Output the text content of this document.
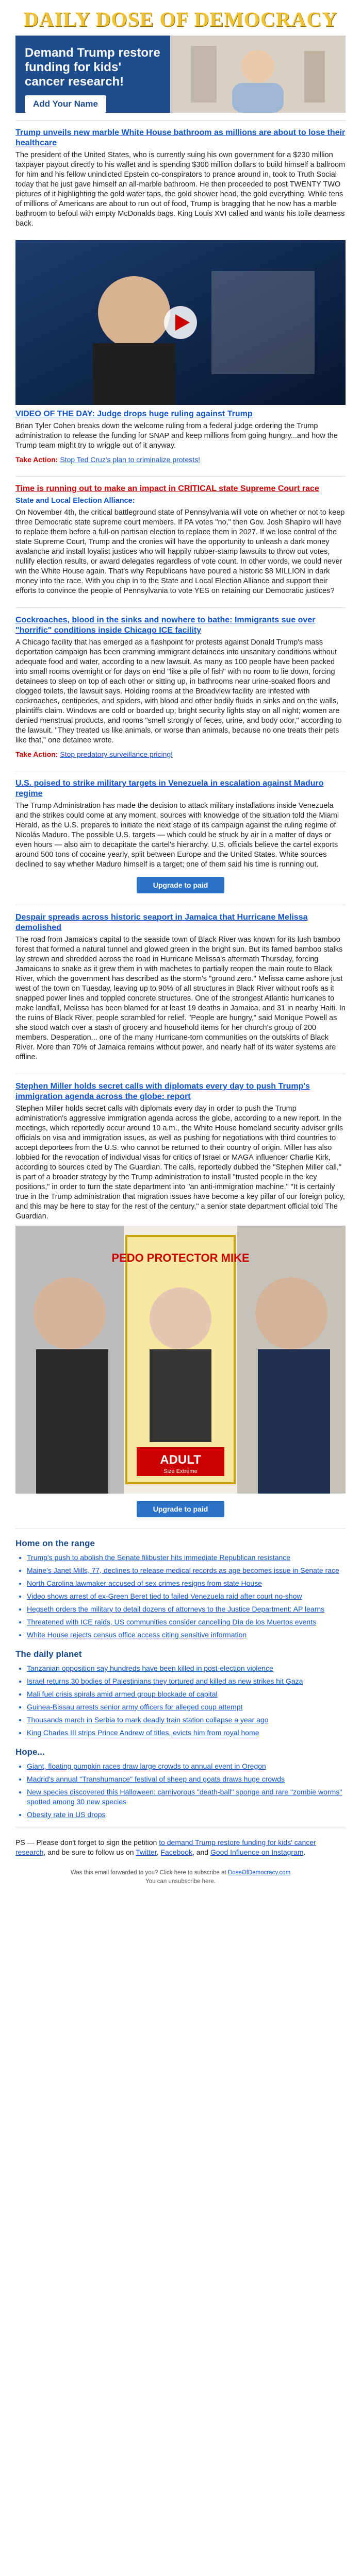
DAILY DOSE OF DEMOCRACY
Demand Trump restore funding for kids' cancer research!
Add Your Name
Trump unveils new marble White House bathroom as millions are about to lose their healthcare
The president of the United States, who is currently suing his own government for a $230 million taxpayer payout directly to his wallet and is spending $300 million dollars to build himself a ballroom for him and his fellow unindicted Epstein co-conspirators to prance around in, took to Truth Social today that he just gave himself an all-marble bathroom. He then proceeded to post TWENTY TWO pictures of it highlighting the gold water taps, the gold shower head, the gold everything. While tens of millions of Americans are about to run out of food, Trump is bragging that he now has a marble bathroom to befoul with empty McDonalds bags. King Louis XVI called and wants his toile dearness back.
VIDEO OF THE DAY: Judge drops huge ruling against Trump
Brian Tyler Cohen breaks down the welcome ruling from a federal judge ordering the Trump administration to release the funding for SNAP and keep millions from going hungry...and how the Trump team might try to wriggle out of it anyway.
Take Action: Stop Ted Cruz's plan to criminalize protests!
Time is running out to make an impact in CRITICAL state Supreme Court race
State and Local Election Alliance:
On November 4th, the critical battleground state of Pennsylvania will vote on whether or not to keep three Democratic state supreme court members. If PA votes "no," then Gov. Josh Shapiro will have to replace them before a full-on partisan election to replace them in 2027. If we lose control of the state Supreme Court, Trump and the cronies will have the opportunity to unleash a dark money avalanche and install loyalist justices who will happily rubber-stamp lawsuits to throw out votes, nullify election results, or award delegates regardless of vote count. In other words, we could never win the White House again. That's why Republicans have poured a historic $8 MILLION in dark money into the race. With you chip in to the State and Local Election Alliance and support their efforts to convince the people of Pennsylvania to vote YES on retaining our Democratic justices?
Cockroaches, blood in the sinks and nowhere to bathe: Immigrants sue over "horrific" conditions inside Chicago ICE facility
A Chicago facility that has emerged as a flashpoint for protests against Donald Trump's mass deportation campaign has been cramming immigrant detainees into unsanitary conditions without adequate food and water, according to a new lawsuit. As many as 100 people have been packed into small rooms overnight or for days on end "like a pile of fish" with no room to lie down, forcing detainees to sleep on top of each other or sitting up, in bathrooms near urine-soaked floors and clogged toilets, the lawsuit says. Holding rooms at the Broadview facility are infested with cockroaches, centipedes, and spiders, with blood and other bodily fluids in sinks and on the walls, plaintiffs claim. Windows are cold or boarded up; bright security lights stay on all night; women are denied menstrual products, and rooms "smell strongly of feces, urine, and body odor," according to the lawsuit. "They treated us like animals, or worse than animals, because no one treats their pets like that," one detainee wrote.
Take Action: Stop predatory surveillance pricing!
U.S. poised to strike military targets in Venezuela in escalation against Maduro regime
The Trump Administration has made the decision to attack military installations inside Venezuela and the strikes could come at any moment, sources with knowledge of the situation told the Miami Herald, as the U.S. prepares to initiate the next stage of its campaign against the ruling regime of Nicolás Maduro. The possible U.S. targets — which could be struck by air in a matter of days or even hours — also aim to decapitate the cartel's hierarchy. U.S. officials believe the cartel exports around 500 tons of cocaine yearly, split between Europe and the United States. White sources declined to say whether Maduro himself is a target; one of them said his time is running out.
Upgrade to paid
Despair spreads across historic seaport in Jamaica that Hurricane Melissa demolished
The road from Jamaica's capital to the seaside town of Black River was known for its lush bamboo forest that formed a natural tunnel and glowed green in the bright sun. But its famed bamboo stalks lay strewn and shredded across the road in Hurricane Melissa's aftermath Thursday, forcing Jamaicans to snake as it grew them in with machetes to partially reopen the main route to Black River, which the government has described as the storm's "ground zero." Melissa came ashore just west of the town on Tuesday, leaving up to 90% of all structures in Black River without roofs as it snapped power lines and toppled concrete structures. One of the strongest Atlantic hurricanes to make landfall, Melissa has been blamed for at least 19 deaths in Jamaica, and 31 in nearby Haiti. In the ruins of Black River, people scrambled for relief. "People are hungry," said Monique Powell as she stood watch over a stash of grocery and household items for her church's group of 200 members. Desperation... one of the many Hurricane-torn communities on the outskirts of Black River. More than 70% of Jamaica remains without power, and nearly half of its water systems are offline.
Stephen Miller holds secret calls with diplomats every day to push Trump's immigration agenda across the globe: report
Stephen Miller holds secret calls with diplomats every day in order to push the Trump administration's aggressive immigration agenda across the globe, according to a new report. In the meetings, which reportedly occur around 10 a.m., the White House homeland security adviser grills officials on visa and immigration issues, as well as pushing for negotiations with third countries to accept deportees from the U.S. who cannot be returned to their country of origin. Miller has also lobbied for the revocation of individual visas for critics of Israel or MAGA influencer Charlie Kirk, according to sources cited by The Guardian. The calls, reportedly dubbed the "Stephen Miller call," is part of a broader strategy by the Trump administration to install "trusted people in the key positions," in order to turn the state department into "an anti-immigration machine." "It is certainly true in the Trump administration that migration issues have become a key pillar of our foreign policy, and this may be here to stay for the rest of the century," a senior state department official told The Guardian.
PEDO PROTECTOR MIKE
ADULT
Size Extreme
Upgrade to paid
Home on the range
• Trump's push to abolish the Senate filibuster hits immediate Republican resistance
• Maine's Janet Mills, 77, declines to release medical records as age becomes issue in Senate race
• North Carolina lawmaker accused of sex crimes resigns from state House
• Video shows arrest of ex-Green Beret tied to failed Venezuela raid after court no-show
• Hegseth orders the military to detail dozens of attorneys to the Justice Department: AP learns
• Threatened with ICE raids, US communities consider cancelling Día de los Muertos events
• White House rejects census office access citing sensitive information
The daily planet
• Tanzanian opposition say hundreds have been killed in post-election violence
• Israel returns 30 bodies of Palestinians they tortured and killed as new strikes hit Gaza
• Mali fuel crisis spirals amid armed group blockade of capital
• Guinea-Bissau arrests senior army officers for alleged coup attempt
• Thousands march in Serbia to mark deadly train station collapse a year ago
• King Charles III strips Prince Andrew of titles, evicts him from royal home
Hope...
• Giant, floating pumpkin races draw large crowds to annual event in Oregon
• Madrid's annual "Transhumance" festival of sheep and goats draws huge crowds
• New species discovered this Halloween: carnivorous "death-ball" sponge and rare "zombie worms" spotted among 30 new species
• Obesity rate in US drops
PS — Please don't forget to sign the petition to demand Trump restore funding for kids' cancer research, and be sure to follow us on Twitter, Facebook, and Good Influence on Instagram.
Was this email forwarded to you? Click here to subscribe at DoseOfDemocracy.com
You can unsubscribe here.
